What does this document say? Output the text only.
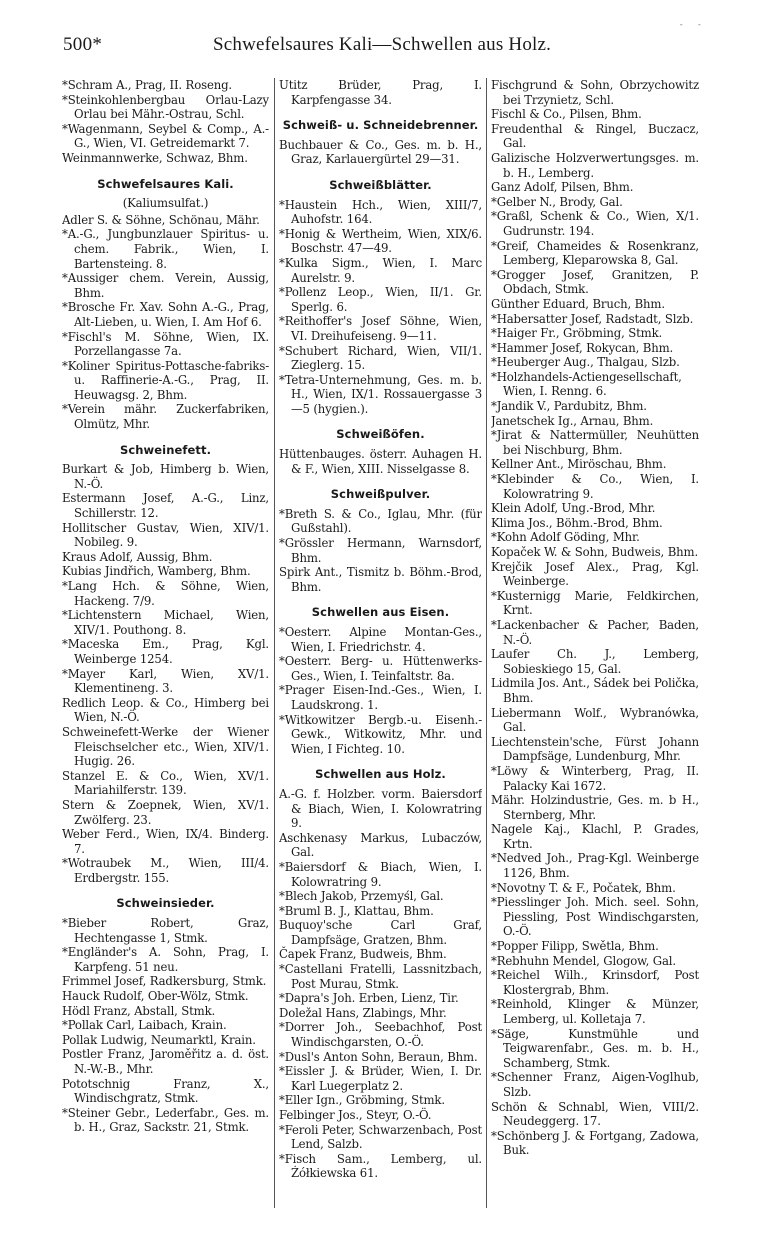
500*	Schwefelsaures Kali—Schwellen aus Holz.
- -
*Schram A., Prag, II. Roseng.
*Steinkohlenbergbau Orlau-Lazy Orlau bei Mähr.-Ostrau, Schl.
*Wagenmann, Seybel & Comp., A.-G., Wien, VI. Getreidemarkt 7.
Weinmannwerke, Schwaz, Bhm.
Schwefelsaures Kali.
(Kaliumsulfat.)
Adler S. & Söhne, Schönau, Mähr.
*A.-G., Jungbunzlauer Spiritus- u. chem. Fabrik., Wien, I. Bartensteing. 8.
*Aussiger chem. Verein, Aussig, Bhm.
*Brosche Fr. Xav. Sohn A.-G., Prag, Alt-Lieben, u. Wien, I. Am Hof 6.
*Fischl's M. Söhne, Wien, IX. Porzellangasse 7a.
*Koliner Spiritus-Pottasche-fabriks- u. Raffinerie-A.-G., Prag, II. Heuwagsg. 2, Bhm.
*Verein mähr. Zuckerfabriken, Olmütz, Mhr.
Schweinefett.
Burkart & Job, Himberg b. Wien, N.-Ö.
Estermann Josef, A.-G., Linz, Schillerstr. 12.
Hollitscher Gustav, Wien, XIV/1. Nobileg. 9.
Kraus Adolf, Aussig, Bhm.
Kubias Jindřich, Wamberg, Bhm.
*Lang Hch. & Söhne, Wien, Hackeng. 7/9.
*Lichtenstern Michael, Wien, XIV/1. Pouthong. 8.
*Maceska Em., Prag, Kgl. Weinberge 1254.
*Mayer Karl, Wien, XV/1. Klementineng. 3.
Redlich Leop. & Co., Himberg bei Wien, N.-Ö.
Schweinefett-Werke der Wiener Fleischselcher etc., Wien, XIV/1. Hugig. 26.
Stanzel E. & Co., Wien, XV/1. Mariahilferstr. 139.
Stern & Zoepnek, Wien, XV/1. Zwölferg. 23.
Weber Ferd., Wien, IX/4. Binderg. 7.
*Wotraubek M., Wien, III/4. Erdbergstr. 155.
Schweinsieder.
*Bieber Robert, Graz, Hechtengasse 1, Stmk.
*Engländer's A. Sohn, Prag, I. Karpfeng. 51 neu.
Frimmel Josef, Radkersburg, Stmk.
Hauck Rudolf, Ober-Wölz, Stmk.
Hödl Franz, Abstall, Stmk.
*Pollak Carl, Laibach, Krain.
Pollak Ludwig, Neumarktl, Krain.
Postler Franz, Jaroměřitz a. d. öst. N.-W.-B., Mhr.
Pototschnig Franz, X., Windischgratz, Stmk.
*Steiner Gebr., Lederfabr., Ges. m. b. H., Graz, Sackstr. 21, Stmk.
Utitz Brüder, Prag, I. Karpfengasse 34.
Schweiß- u. Schneidebrenner.
Buchbauer & Co., Ges. m. b. H., Graz, Karlauergürtel 29—31.
Schweißblätter.
*Haustein Hch., Wien, XIII/7, Auhofstr. 164.
*Honig & Wertheim, Wien, XIX/6. Boschstr. 47—49.
*Kulka Sigm., Wien, I. Marc Aurelstr. 9.
*Pollenz Leop., Wien, II/1. Gr. Sperlg. 6.
*Reithoffer's Josef Söhne, Wien, VI. Dreihufeiseng. 9—11.
*Schubert Richard, Wien, VII/1. Zieglerg. 15.
*Tetra-Unternehmung, Ges. m. b. H., Wien, IX/1. Rossauergasse 3—5 (hygien.).
Schweißöfen.
Hüttenbauges. österr. Auhagen H. & F., Wien, XIII. Nisselgasse 8.
Schweißpulver.
*Breth S. & Co., Iglau, Mhr. (für Gußstahl).
*Grössler Hermann, Warnsdorf, Bhm.
Spirk Ant., Tismitz b. Böhm.-Brod, Bhm.
Schwellen aus Eisen.
*Oesterr. Alpine Montan-Ges., Wien, I. Friedrichstr. 4.
*Oesterr. Berg- u. Hüttenwerks-Ges., Wien, I. Teinfaltstr. 8a.
*Prager Eisen-Ind.-Ges., Wien, I. Laudskrong. 1.
*Witkowitzer Bergb.-u. Eisenh.-Gewk., Witkowitz, Mhr. und Wien, I Fichteg. 10.
Schwellen aus Holz.
A.-G. f. Holzber. vorm. Baiersdorf & Biach, Wien, I. Kolowratring 9.
Aschkenasy Markus, Lubaczów, Gal.
*Baiersdorf & Biach, Wien, I. Kolowratring 9.
*Blech Jakob, Przemyśl, Gal.
*Bruml B. J., Klattau, Bhm.
Buquoy'sche Carl Graf, Dampfsäge, Gratzen, Bhm.
Čapek Franz, Budweis, Bhm.
*Castellani Fratelli, Lassnitzbach, Post Murau, Stmk.
*Dapra's Joh. Erben, Lienz, Tir.
Doležal Hans, Zlabings, Mhr.
*Dorrer Joh., Seebachhof, Post Windischgarsten, O.-Ö.
*Dusl's Anton Sohn, Beraun, Bhm.
*Eissler J. & Brüder, Wien, I. Dr. Karl Luegerplatz 2.
*Eller Ign., Gröbming, Stmk.
Felbinger Jos., Steyr, O.-Ö.
*Feroli Peter, Schwarzenbach, Post Lend, Salzb.
*Fisch Sam., Lemberg, ul. Żółkiewska 61.
Fischgrund & Sohn, Obrzychowitz bei Trzynietz, Schl.
Fischl & Co., Pilsen, Bhm.
Freudenthal & Ringel, Buczacz, Gal.
Galizische Holzverwertungsges. m. b. H., Lemberg.
Ganz Adolf, Pilsen, Bhm.
*Gelber N., Brody, Gal.
*Graßl, Schenk & Co., Wien, X/1. Gudrunstr. 194.
*Greif, Chameides & Rosenkranz, Lemberg, Kleparowska 8, Gal.
*Grogger Josef, Granitzen, P. Obdach, Stmk.
Günther Eduard, Bruch, Bhm.
*Habersatter Josef, Radstadt, Slzb.
*Haiger Fr., Gröbming, Stmk.
*Hammer Josef, Rokycan, Bhm.
*Heuberger Aug., Thalgau, Slzb.
*Holzhandels-Actiengesellschaft, Wien, I. Renng. 6.
*Jandik V., Pardubitz, Bhm.
Janetschek Ig., Arnau, Bhm.
*Jirat & Nattermüller, Neuhütten bei Nischburg, Bhm.
Kellner Ant., Miröschau, Bhm.
*Klebinder & Co., Wien, I. Kolowratring 9.
Klein Adolf, Ung.-Brod, Mhr.
Klima Jos., Böhm.-Brod, Bhm.
*Kohn Adolf Göding, Mhr.
Kopaček W. & Sohn, Budweis, Bhm.
Krejčik Josef Alex., Prag, Kgl. Weinberge.
*Kusternigg Marie, Feldkirchen, Krnt.
*Lackenbacher & Pacher, Baden, N.-Ö.
Laufer Ch. J., Lemberg, Sobieskiego 15, Gal.
Lidmila Jos. Ant., Sádek bei Polička, Bhm.
Liebermann Wolf., Wybranówka, Gal.
Liechtenstein'sche, Fürst Johann Dampfsäge, Lundenburg, Mhr.
*Löwy & Winterberg, Prag, II. Palacky Kai 1672.
Mähr. Holzindustrie, Ges. m. b H., Sternberg, Mhr.
Nagele Kaj., Klachl, P. Grades, Krtn.
*Nedved Joh., Prag-Kgl. Weinberge 1126, Bhm.
*Novotny T. & F., Počatek, Bhm.
*Piesslinger Joh. Mich. seel. Sohn, Piessling, Post Windischgarsten, O.-Ö.
*Popper Filipp, Swětla, Bhm.
*Rebhuhn Mendel, Glogow, Gal.
*Reichel Wilh., Krinsdorf, Post Klostergrab, Bhm.
*Reinhold, Klinger & Münzer, Lemberg, ul. Kolletaja 7.
*Säge, Kunstmühle und Teigwarenfabr., Ges. m. b. H., Schamberg, Stmk.
*Schenner Franz, Aigen-Voglhub, Slzb.
Schön & Schnabl, Wien, VIII/2. Neudeggerg. 17.
*Schönberg J. & Fortgang, Zadowa, Buk.
